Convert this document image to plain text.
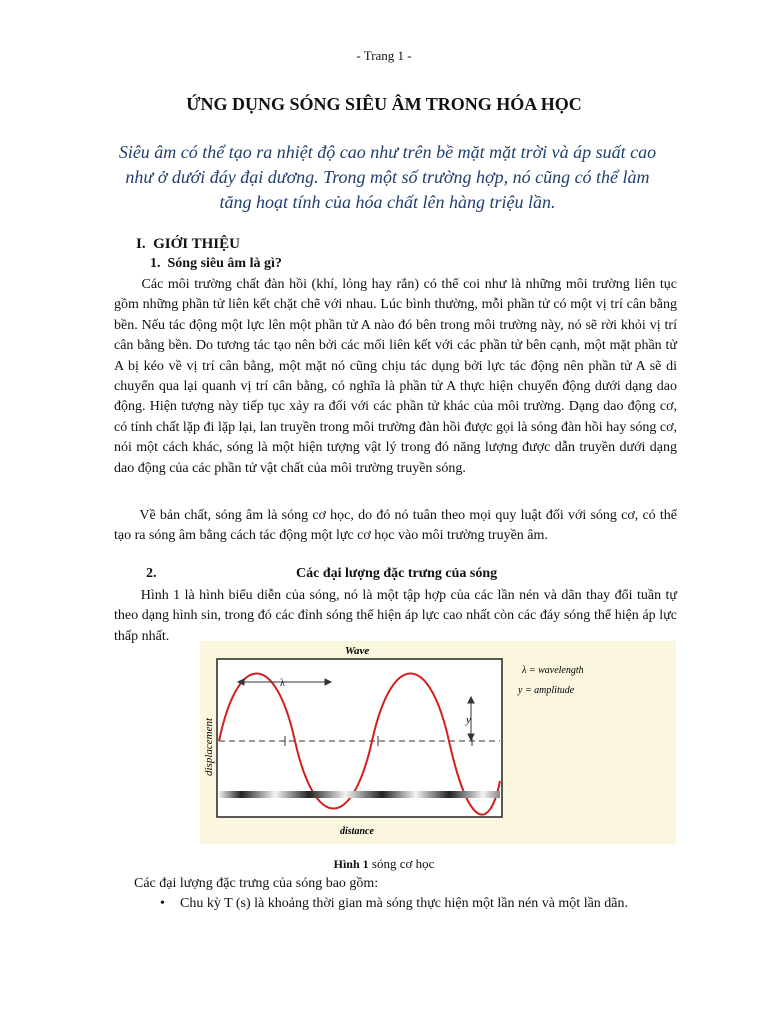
- Trang 1 -
ỨNG DỤNG SÓNG SIÊU ÂM TRONG HÓA HỌC
Siêu âm có thể tạo ra nhiệt độ cao như trên bề mặt mặt trời và áp suất cao như ở dưới đáy đại dương. Trong một số trường hợp, nó cũng có thể làm tăng hoạt tính của hóa chất lên hàng triệu lần.
I. GIỚI THIỆU
1. Sóng siêu âm là gì?
Các môi trường chất đàn hồi (khí, lỏng hay rắn) có thể coi như là những môi trường liên tục gồm những phần tử liên kết chặt chẽ với nhau. Lúc bình thường, mỗi phần tử có một vị trí cân bằng bền. Nếu tác động một lực lên một phần tử A nào đó bên trong môi trường này, nó sẽ rời khỏi vị trí cân bằng bền. Do tương tác tạo nên bởi các mối liên kết với các phần tử bên cạnh, một mặt phần tử A bị kéo về vị trí cân bằng, một mặt nó cũng chịu tác dụng bởi lực tác động nên phần tử A sẽ di chuyển qua lại quanh vị trí cân bằng, có nghĩa là phần tử A thực hiện chuyển động dưới dạng dao động. Hiện tượng này tiếp tục xảy ra đối với các phần tử khác của môi trường. Dạng dao động cơ, có tính chất lặp đi lặp lại, lan truyền trong môi trường đàn hồi được gọi là sóng đàn hồi hay sóng cơ, nói một cách khác, sóng là một hiện tượng vật lý trong đó năng lượng được dẫn truyền dưới dạng dao động của các phần tử vật chất của môi trường truyền sóng.
Về bản chất, sóng âm là sóng cơ học, do đó nó tuân theo mọi quy luật đối với sóng cơ, có thể tạo ra sóng âm bằng cách tác động một lực cơ học vào môi trường truyền âm.
2.	Các đại lượng đặc trưng của sóng
Hình 1 là hình biểu diễn của sóng, nó là một tập hợp của các lần nén và dãn thay đổi tuần tự theo dạng hình sin, trong đó các đỉnh sóng thể hiện áp lực cao nhất còn các đáy sóng thể hiện áp lực thấp nhất.
Wave
displacement
λ
y
distance
λ = wavelength
y = amplitude
Hình 1 sóng cơ học
Các đại lượng đặc trưng của sóng bao gồm:
• Chu kỳ T (s) là khoảng thời gian mà sóng thực hiện một lần nén và một lần dãn.
